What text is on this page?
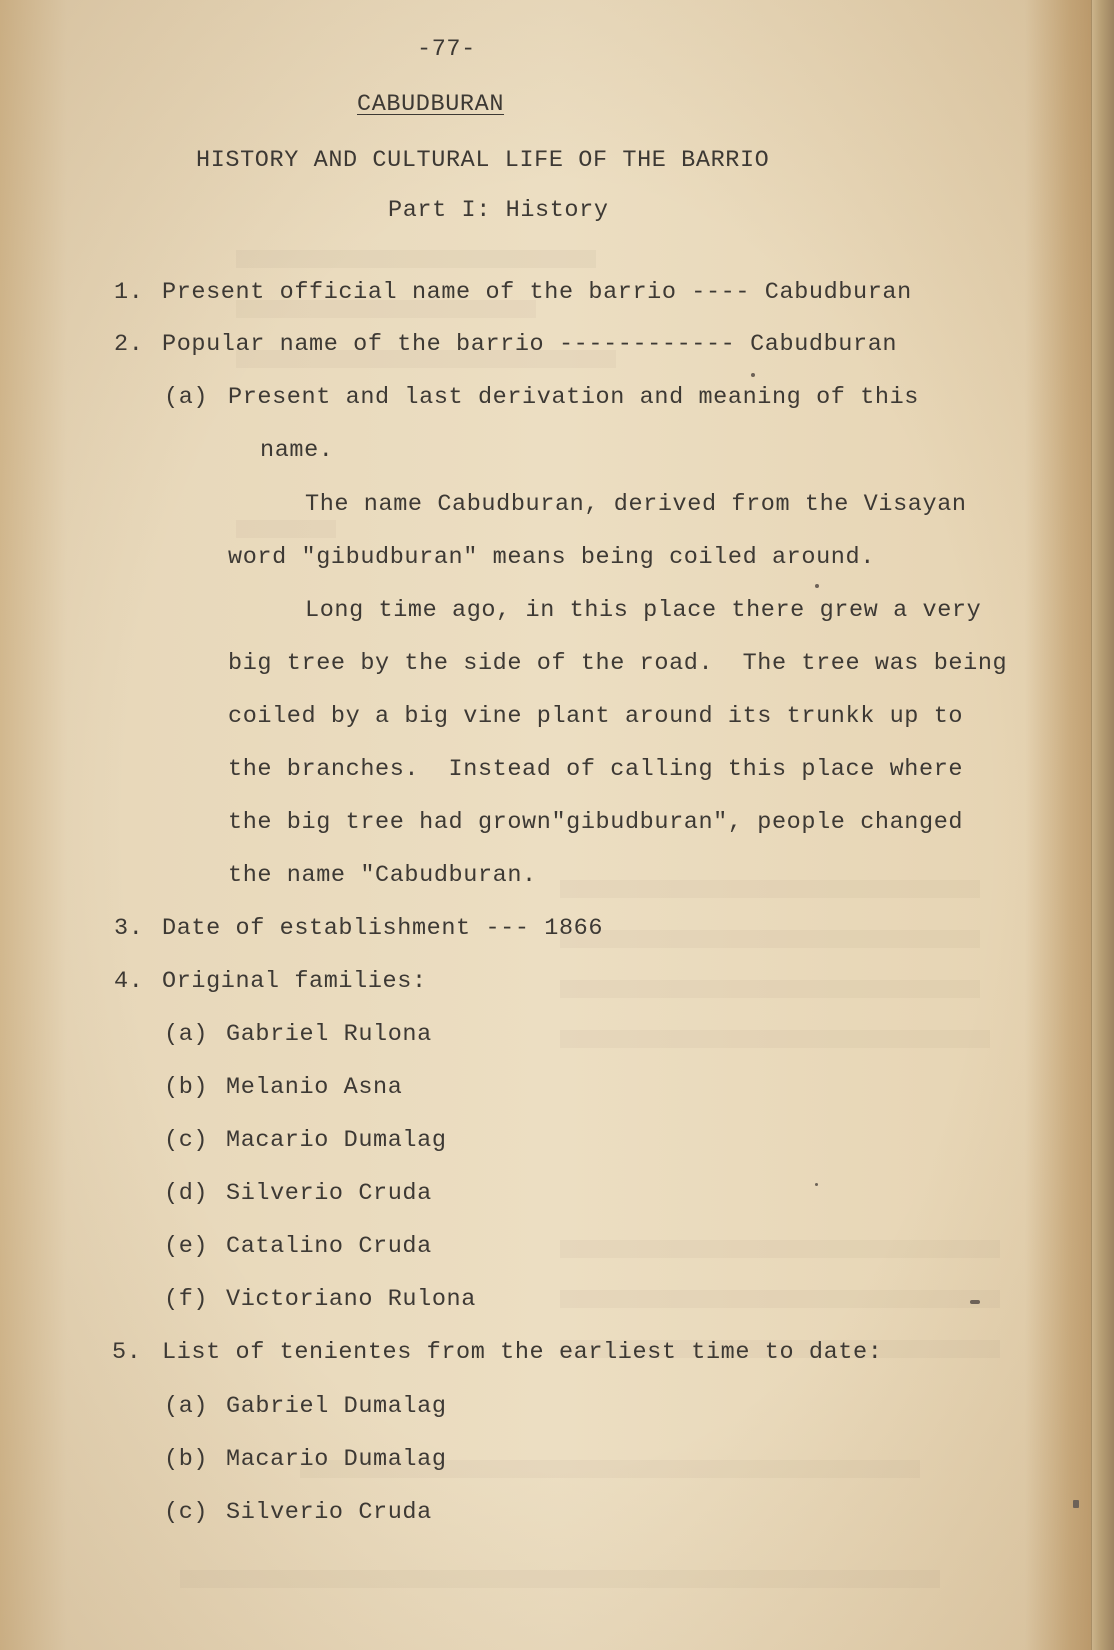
-77-
CABUDBURAN
HISTORY AND CULTURAL LIFE OF THE BARRIO
Part I: History
1. Present official name of the barrio ---- Cabudburan
2. Popular name of the barrio ------------ Cabudburan
(a) Present and last derivation and meaning of this
name.
The name Cabudburan, derived from the Visayan
word "gibudburan" means being coiled around.
Long time ago, in this place there grew a very
big tree by the side of the road.  The tree was being
coiled by a big vine plant around its trunkk up to
the branches.  Instead of calling this place where
the big tree had grown"gibudburan", people changed
the name "Cabudburan.
3. Date of establishment --- 1866
4. Original families:
(a) Gabriel Rulona
(b) Melanio Asna
(c) Macario Dumalag
(d) Silverio Cruda
(e) Catalino Cruda
(f) Victoriano Rulona
5. List of tenientes from the earliest time to date:
(a) Gabriel Dumalag
(b) Macario Dumalag
(c) Silverio Cruda
